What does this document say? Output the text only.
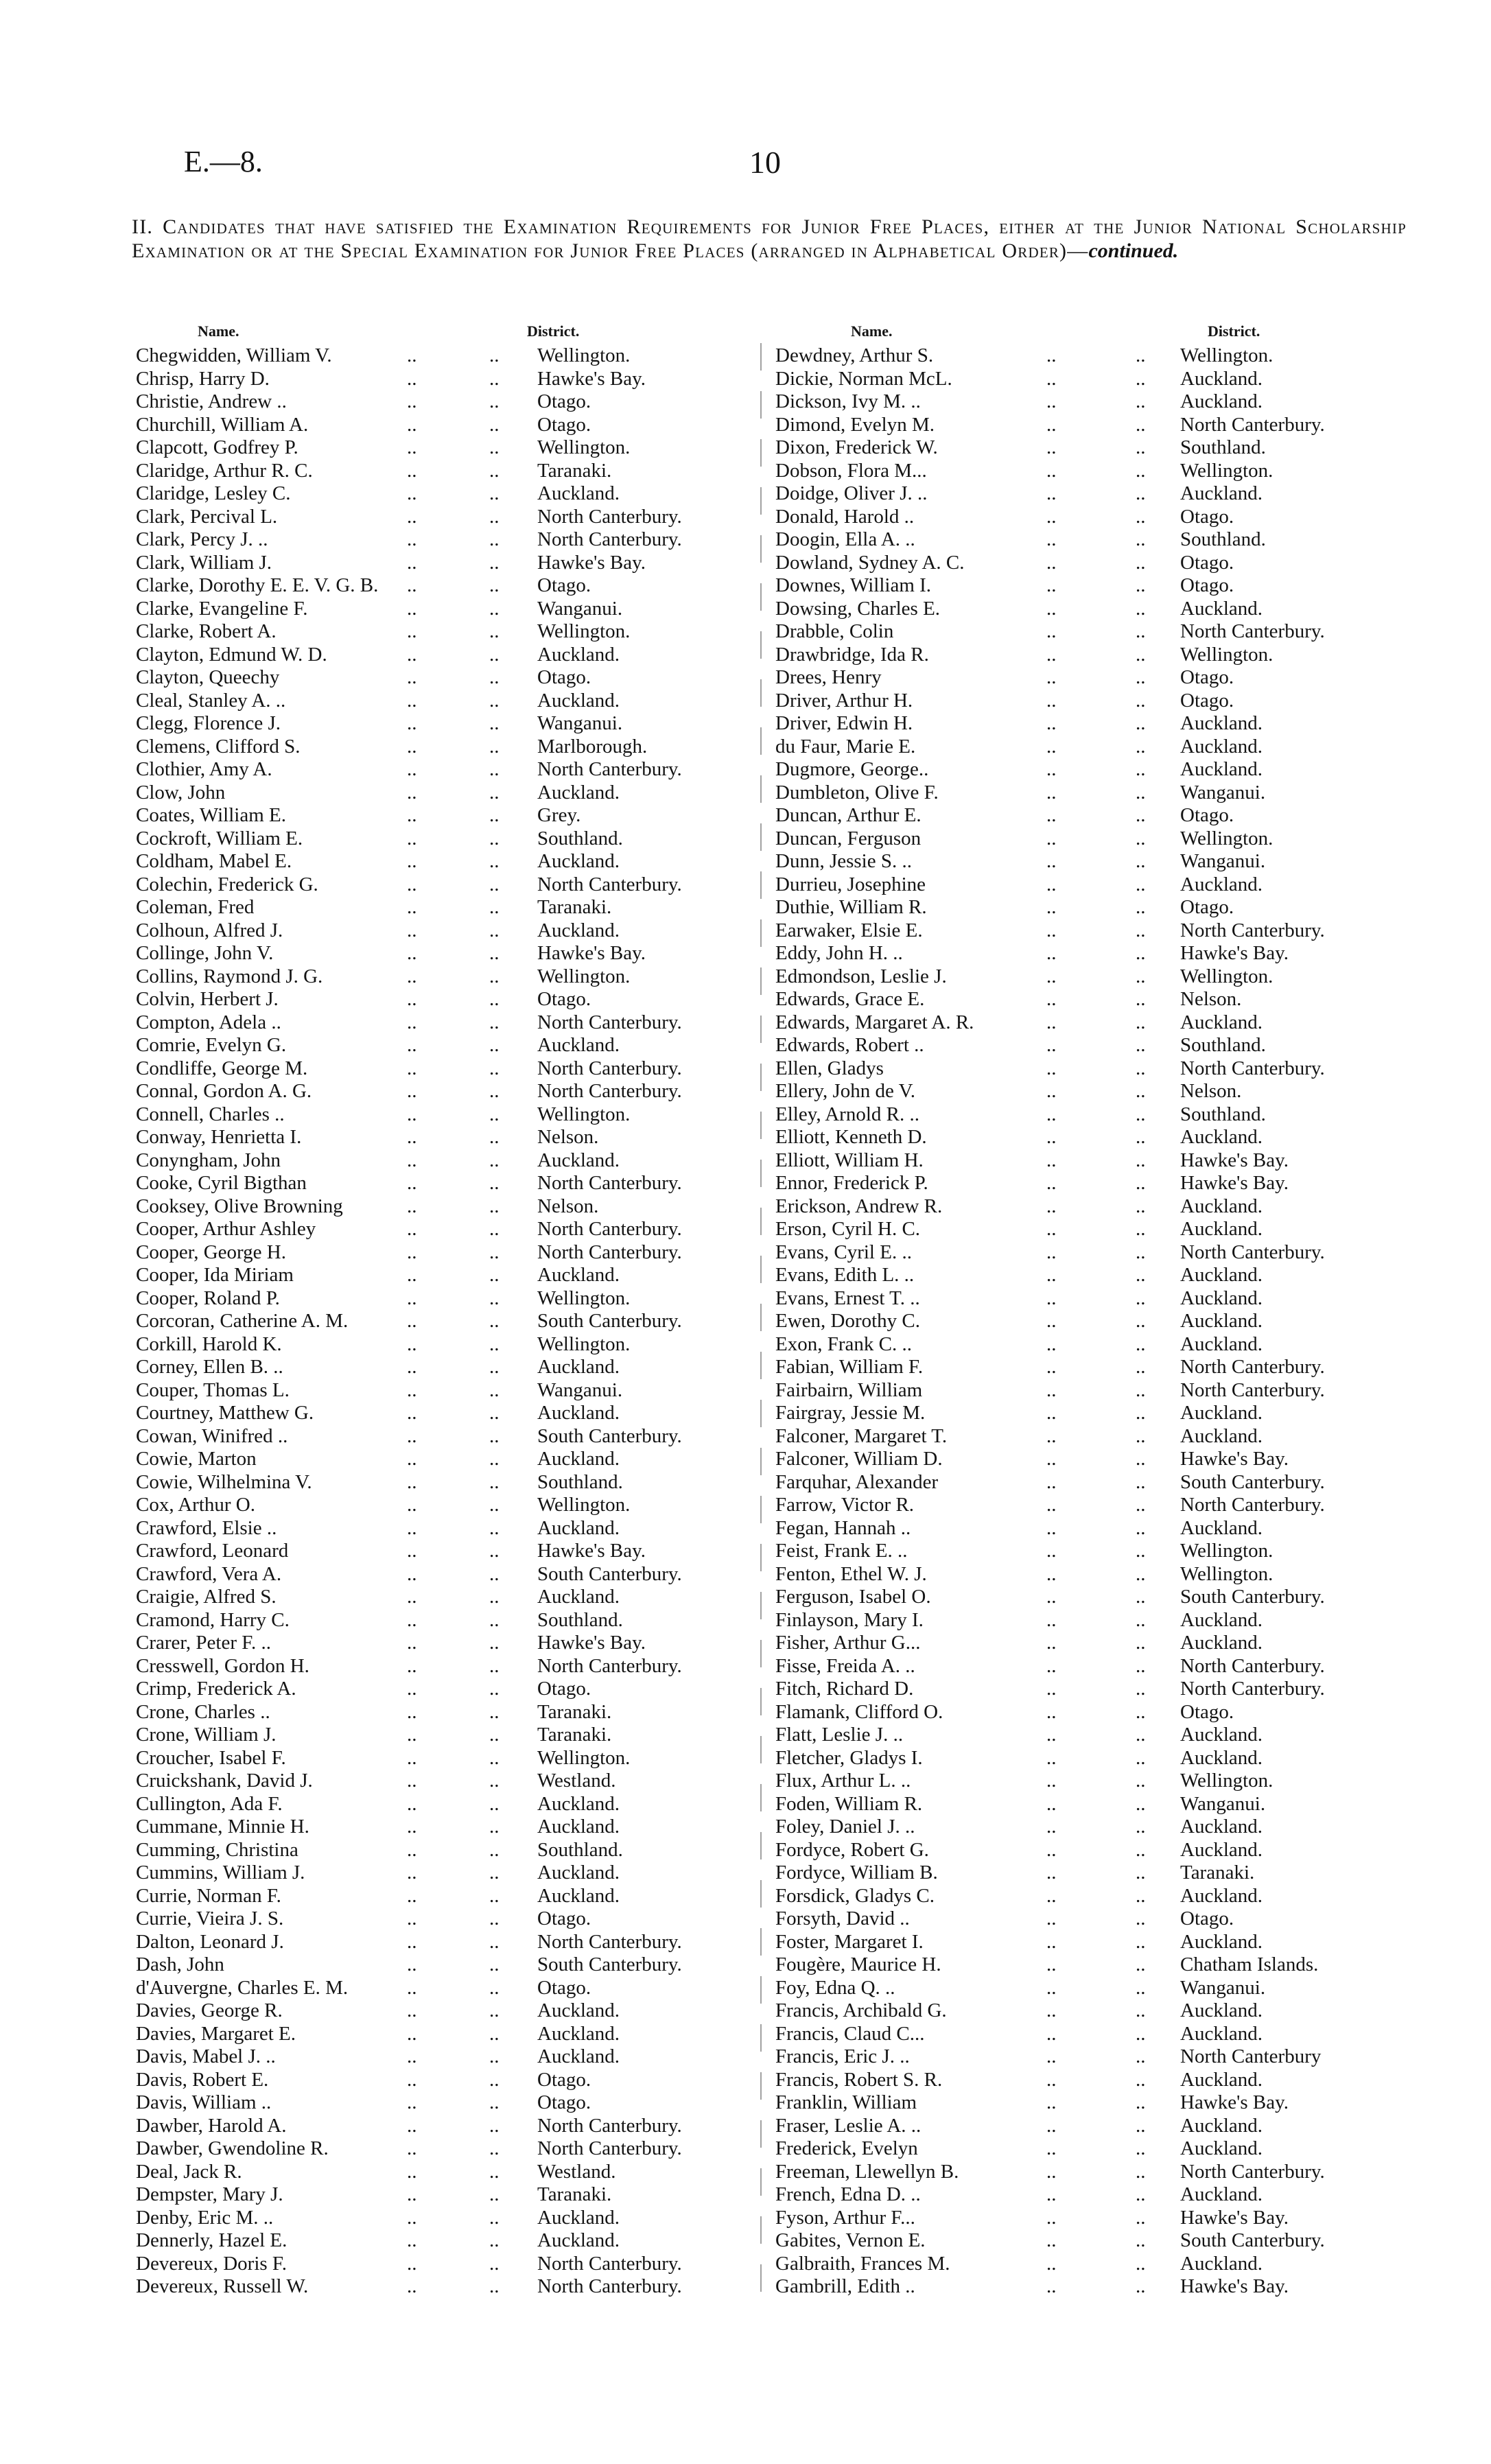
E.—8.	10
II. Candidates that have satisfied the Examination Requirements for Junior Free Places, either at the Junior National Scholarship Examination or at the Special Examination for Junior Free Places (arranged in Alphabetical Order)—continued.
Name.	District.
Chegwidden, William V.	..	.. Wellington.
Chrisp, Harry D.	..	.. Hawke's Bay.
Christie, Andrew ..	..	.. Otago.
Churchill, William A.	..	.. Otago.
Clapcott, Godfrey P.	..	.. Wellington.
Claridge, Arthur R. C.	..	.. Taranaki.
Claridge, Lesley C.	..	.. Auckland.
Clark, Percival L.	..	.. North Canterbury.
Clark, Percy J. ..	..	.. North Canterbury.
Clark, William J.	..	.. Hawke's Bay.
Clarke, Dorothy E. E. V. G. B. ..	.. Otago.
Clarke, Evangeline F.	..	.. Wanganui.
Clarke, Robert A.	..	.. Wellington.
Clayton, Edmund W. D.	..	.. Auckland.
Clayton, Queechy	..	.. Otago.
Cleal, Stanley A. ..	..	.. Auckland.
Clegg, Florence J.	..	.. Wanganui.
Clemens, Clifford S.	..	.. Marlborough.
Clothier, Amy A.	..	.. North Canterbury.
Clow, John	..	.. Auckland.
Coates, William E.	..	.. Grey.
Cockroft, William E.	..	.. Southland.
Coldham, Mabel E.	..	.. Auckland.
Colechin, Frederick G.	..	.. North Canterbury.
Coleman, Fred	..	.. Taranaki.
Colhoun, Alfred J.	..	.. Auckland.
Collinge, John V.	..	.. Hawke's Bay.
Collins, Raymond J. G.	..	.. Wellington.
Colvin, Herbert J.	..	.. Otago.
Compton, Adela ..	..	.. North Canterbury.
Comrie, Evelyn G.	..	.. Auckland.
Condliffe, George M.	..	.. North Canterbury.
Connal, Gordon A. G.	..	.. North Canterbury.
Connell, Charles ..	..	.. Wellington.
Conway, Henrietta I.	..	.. Nelson.
Conyngham, John	..	.. Auckland.
Cooke, Cyril Bigthan	..	.. North Canterbury.
Cooksey, Olive Browning	..	.. Nelson.
Cooper, Arthur Ashley	..	.. North Canterbury.
Cooper, George H.	..	.. North Canterbury.
Cooper, Ida Miriam	..	.. Auckland.
Cooper, Roland P.	..	.. Wellington.
Corcoran, Catherine A. M.	..	.. South Canterbury.
Corkill, Harold K.	..	.. Wellington.
Corney, Ellen B. ..	..	.. Auckland.
Couper, Thomas L.	..	.. Wanganui.
Courtney, Matthew G.	..	.. Auckland.
Cowan, Winifred ..	..	.. South Canterbury.
Cowie, Marton	..	.. Auckland.
Cowie, Wilhelmina V.	..	.. Southland.
Cox, Arthur O.	..	.. Wellington.
Crawford, Elsie ..	..	.. Auckland.
Crawford, Leonard	..	.. Hawke's Bay.
Crawford, Vera A.	..	.. South Canterbury.
Craigie, Alfred S.	..	.. Auckland.
Cramond, Harry C.	..	.. Southland.
Crarer, Peter F. ..	..	.. Hawke's Bay.
Cresswell, Gordon H.	..	.. North Canterbury.
Crimp, Frederick A.	..	.. Otago.
Crone, Charles ..	..	.. Taranaki.
Crone, William J.	..	.. Taranaki.
Croucher, Isabel F.	..	.. Wellington.
Cruickshank, David J.	..	.. Westland.
Cullington, Ada F.	..	.. Auckland.
Cummane, Minnie H.	..	.. Auckland.
Cumming, Christina	..	.. Southland.
Cummins, William J.	..	.. Auckland.
Currie, Norman F.	..	.. Auckland.
Currie, Vieira J. S.	..	.. Otago.
Dalton, Leonard J.	..	.. North Canterbury.
Dash, John	..	.. South Canterbury.
d'Auvergne, Charles E. M.	..	.. Otago.
Davies, George R.	..	.. Auckland.
Davies, Margaret E.	..	.. Auckland.
Davis, Mabel J. ..	..	.. Auckland.
Davis, Robert E.	..	.. Otago.
Davis, William ..	..	.. Otago.
Dawber, Harold A.	..	.. North Canterbury.
Dawber, Gwendoline R.	..	.. North Canterbury.
Deal, Jack R.	..	.. Westland.
Dempster, Mary J.	..	.. Taranaki.
Denby, Eric M. ..	..	.. Auckland.
Dennerly, Hazel E.	..	.. Auckland.
Devereux, Doris F.	..	.. North Canterbury.
Devereux, Russell W.	..	.. North Canterbury.
Name.	District.
Dewdney, Arthur S.	..	.. Wellington.
Dickie, Norman McL.	..	.. Auckland.
Dickson, Ivy M. ..	..	.. Auckland.
Dimond, Evelyn M.	..	.. North Canterbury.
Dixon, Frederick W.	..	.. Southland.
Dobson, Flora M...	..	.. Wellington.
Doidge, Oliver J. ..	..	.. Auckland.
Donald, Harold ..	..	.. Otago.
Doogin, Ella A. ..	..	.. Southland.
Dowland, Sydney A. C.	..	.. Otago.
Downes, William I.	..	.. Otago.
Dowsing, Charles E.	..	.. Auckland.
Drabble, Colin	..	.. North Canterbury.
Drawbridge, Ida R.	..	.. Wellington.
Drees, Henry	..	.. Otago.
Driver, Arthur H.	..	.. Otago.
Driver, Edwin H.	..	.. Auckland.
du Faur, Marie E.	..	.. Auckland.
Dugmore, George..	..	.. Auckland.
Dumbleton, Olive F.	..	.. Wanganui.
Duncan, Arthur E.	..	.. Otago.
Duncan, Ferguson	..	.. Wellington.
Dunn, Jessie S. ..	..	.. Wanganui.
Durrieu, Josephine	..	.. Auckland.
Duthie, William R.	..	.. Otago.
Earwaker, Elsie E.	..	.. North Canterbury.
Eddy, John H. ..	..	.. Hawke's Bay.
Edmondson, Leslie J.	..	.. Wellington.
Edwards, Grace E.	..	.. Nelson.
Edwards, Margaret A. R.	..	.. Auckland.
Edwards, Robert ..	..	.. Southland.
Ellen, Gladys	..	.. North Canterbury.
Ellery, John de V.	..	.. Nelson.
Elley, Arnold R. ..	..	.. Southland.
Elliott, Kenneth D.	..	.. Auckland.
Elliott, William H.	..	.. Hawke's Bay.
Ennor, Frederick P.	..	.. Hawke's Bay.
Erickson, Andrew R.	..	.. Auckland.
Erson, Cyril H. C.	..	.. Auckland.
Evans, Cyril E. ..	..	.. North Canterbury.
Evans, Edith L. ..	..	.. Auckland.
Evans, Ernest T. ..	..	.. Auckland.
Ewen, Dorothy C.	..	.. Auckland.
Exon, Frank C. ..	..	.. Auckland.
Fabian, William F.	..	.. North Canterbury.
Fairbairn, William	..	.. North Canterbury.
Fairgray, Jessie M.	..	.. Auckland.
Falconer, Margaret T.	..	.. Auckland.
Falconer, William D.	..	.. Hawke's Bay.
Farquhar, Alexander	..	.. South Canterbury.
Farrow, Victor R.	..	.. North Canterbury.
Fegan, Hannah ..	..	.. Auckland.
Feist, Frank E. ..	..	.. Wellington.
Fenton, Ethel W. J.	..	.. Wellington.
Ferguson, Isabel O.	..	.. South Canterbury.
Finlayson, Mary I.	..	.. Auckland.
Fisher, Arthur G...	..	.. Auckland.
Fisse, Freida A. ..	..	.. North Canterbury.
Fitch, Richard D.	..	.. North Canterbury.
Flamank, Clifford O.	..	.. Otago.
Flatt, Leslie J. ..	..	.. Auckland.
Fletcher, Gladys I.	..	.. Auckland.
Flux, Arthur L. ..	..	.. Wellington.
Foden, William R.	..	.. Wanganui.
Foley, Daniel J. ..	..	.. Auckland.
Fordyce, Robert G.	..	.. Auckland.
Fordyce, William B.	..	.. Taranaki.
Forsdick, Gladys C.	..	.. Auckland.
Forsyth, David ..	..	.. Otago.
Foster, Margaret I.	..	.. Auckland.
Fougère, Maurice H.	..	.. Chatham Islands.
Foy, Edna Q. ..	..	.. Wanganui.
Francis, Archibald G.	..	.. Auckland.
Francis, Claud C...	..	.. Auckland.
Francis, Eric J. ..	..	.. North Canterbury
Francis, Robert S. R.	..	.. Auckland.
Franklin, William	..	.. Hawke's Bay.
Fraser, Leslie A. ..	..	.. Auckland.
Frederick, Evelyn	..	.. Auckland.
Freeman, Llewellyn B.	..	.. North Canterbury.
French, Edna D. ..	..	.. Auckland.
Fyson, Arthur F...	..	.. Hawke's Bay.
Gabites, Vernon E.	..	.. South Canterbury.
Galbraith, Frances M.	..	.. Auckland.
Gambrill, Edith ..	..	.. Hawke's Bay.
